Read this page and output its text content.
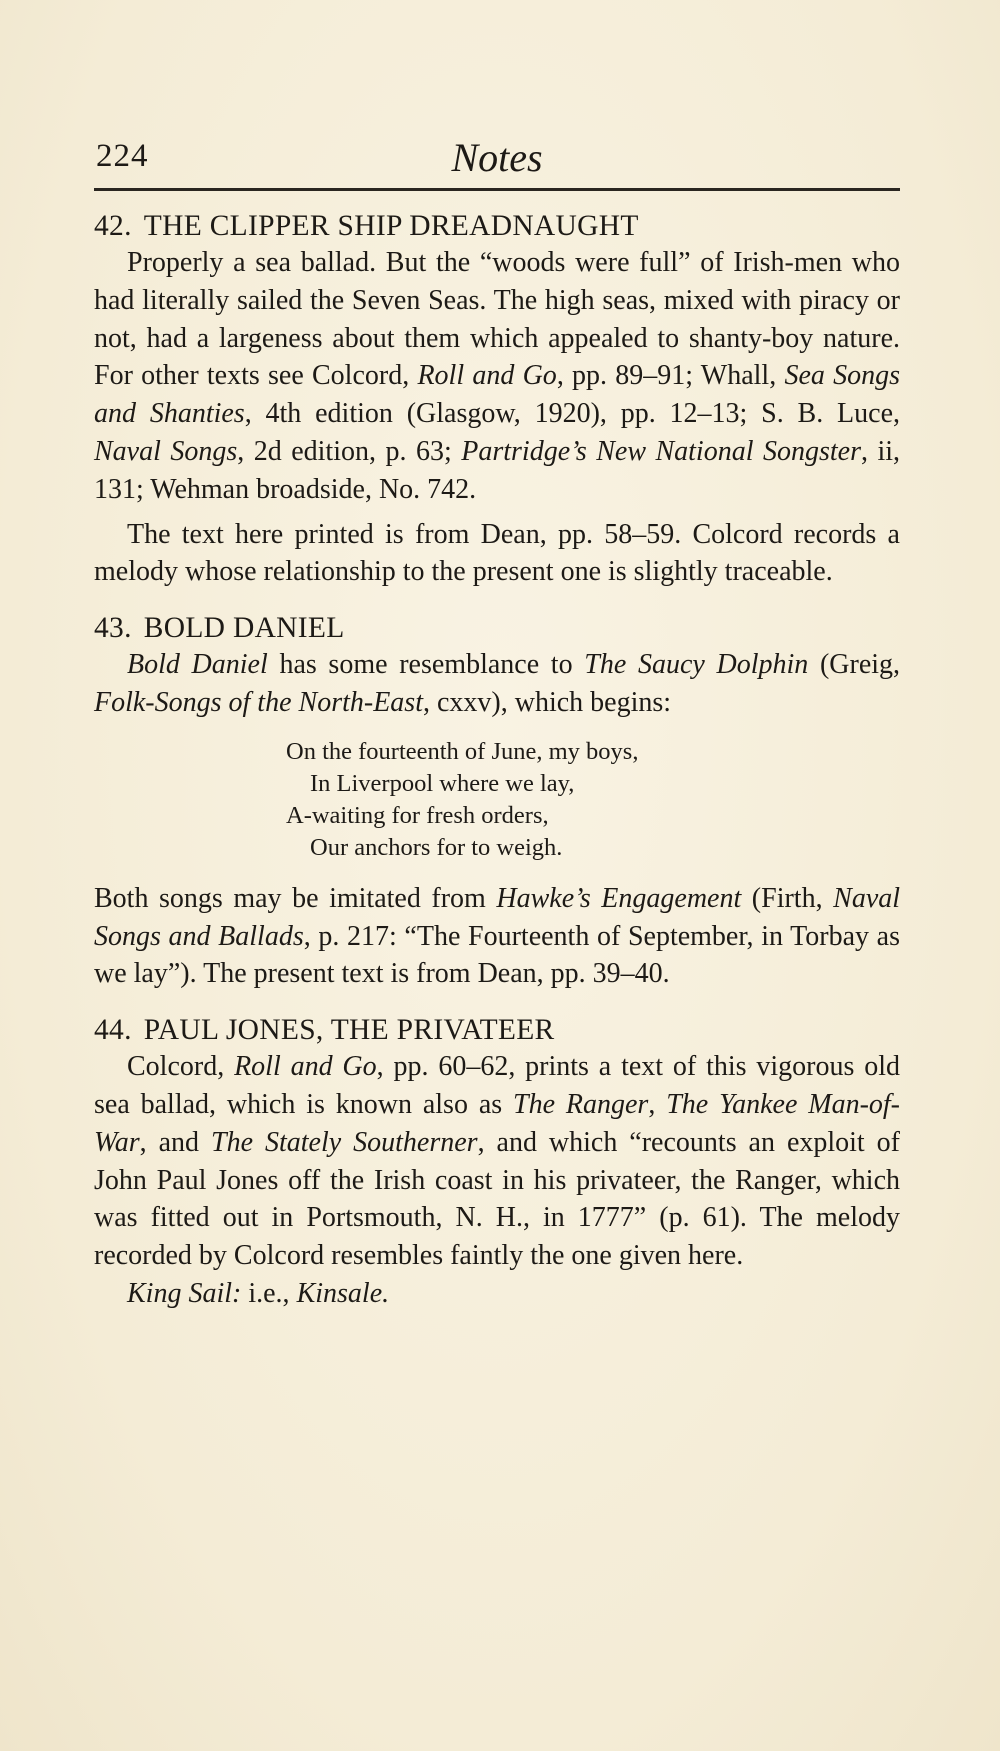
224	Notes
42. THE CLIPPER SHIP DREADNAUGHT

Properly a sea ballad. But the “woods were full” of Irish-men who had literally sailed the Seven Seas. The high seas, mixed with piracy or not, had a largeness about them which appealed to shanty-boy nature. For other texts see Colcord, Roll and Go, pp. 89–91; Whall, Sea Songs and Shanties, 4th edition (Glasgow, 1920), pp. 12–13; S. B. Luce, Naval Songs, 2d edition, p. 63; Partridge’s New National Songster, ii, 131; Wehman broadside, No. 742.

The text here printed is from Dean, pp. 58–59. Colcord records a melody whose relationship to the present one is slightly traceable.

43. BOLD DANIEL

Bold Daniel has some resemblance to The Saucy Dolphin (Greig, Folk-Songs of the North-East, cxxv), which begins:

On the fourteenth of June, my boys,
In Liverpool where we lay,
A-waiting for fresh orders,
Our anchors for to weigh.

Both songs may be imitated from Hawke’s Engagement (Firth, Naval Songs and Ballads, p. 217: “The Fourteenth of September, in Torbay as we lay”). The present text is from Dean, pp. 39–40.

44. PAUL JONES, THE PRIVATEER

Colcord, Roll and Go, pp. 60–62, prints a text of this vigorous old sea ballad, which is known also as The Ranger, The Yankee Man-of-War, and The Stately Southerner, and which “recounts an exploit of John Paul Jones off the Irish coast in his privateer, the Ranger, which was fitted out in Portsmouth, N. H., in 1777” (p. 61). The melody recorded by Colcord resembles faintly the one given here.

King Sail: i.e., Kinsale.
